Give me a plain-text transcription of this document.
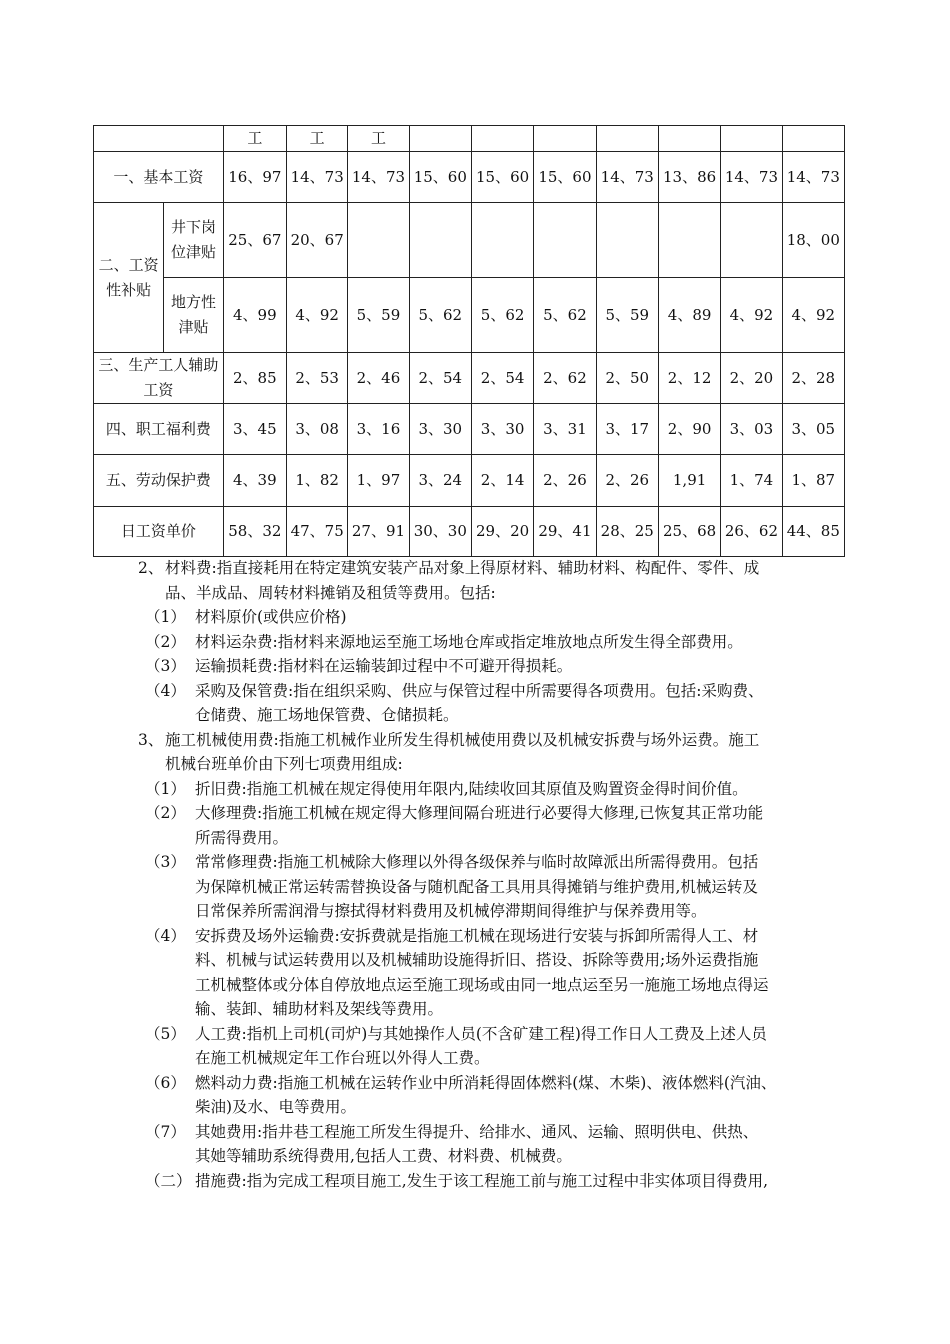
		工	工	工							
一、基本工资		16、97	14、73	14、73	15、60	15、60	15、60	14、73	13、86	14、73	14、73
二、工资性补贴	井下岗位津贴	25、67	20、67								18、00
	地方性津贴	4、99	4、92	5、59	5、62	5、62	5、62	5、59	4、89	4、92	4、92
三、生产工人辅助工资		2、85	2、53	2、46	2、54	2、54	2、62	2、50	2、12	2、20	2、28
四、职工福利费		3、45	3、08	3、16	3、30	3、30	3、31	3、17	2、90	3、03	3、05
五、劳动保护费		4、39	1、82	1、97	3、24	2、14	2、26	2、26	1,91	1、74	1、87
日工资单价		58、32	47、75	27、91	30、30	29、20	29、41	28、25	25、68	26、62	44、85
2、 材料费:指直接耗用在特定建筑安装产品对象上得原材料、辅助材料、构配件、零件、成
品、半成品、周转材料摊销及租赁等费用。包括:
（1） 材料原价(或供应价格)
（2） 材料运杂费:指材料来源地运至施工场地仓库或指定堆放地点所发生得全部费用。
（3） 运输损耗费:指材料在运输装卸过程中不可避开得损耗。
（4） 采购及保管费:指在组织采购、供应与保管过程中所需要得各项费用。包括:采购费、
仓储费、施工场地保管费、仓储损耗。
3、 施工机械使用费:指施工机械作业所发生得机械使用费以及机械安拆费与场外运费。施工
机械台班单价由下列七项费用组成:
（1） 折旧费:指施工机械在规定得使用年限内,陆续收回其原值及购置资金得时间价值。
（2） 大修理费:指施工机械在规定得大修理间隔台班进行必要得大修理,已恢复其正常功能
所需得费用。
（3） 常常修理费:指施工机械除大修理以外得各级保养与临时故障派出所需得费用。包括
为保障机械正常运转需替换设备与随机配备工具用具得摊销与维护费用,机械运转及
日常保养所需润滑与擦拭得材料费用及机械停滞期间得维护与保养费用等。
（4） 安拆费及场外运输费:安拆费就是指施工机械在现场进行安装与拆卸所需得人工、材
料、机械与试运转费用以及机械辅助设施得折旧、搭设、拆除等费用;场外运费指施
工机械整体或分体自停放地点运至施工现场或由同一地点运至另一施施工场地点得运
输、装卸、辅助材料及架线等费用。
（5） 人工费:指机上司机(司炉)与其她操作人员(不含矿建工程)得工作日人工费及上述人员
在施工机械规定年工作台班以外得人工费。
（6） 燃料动力费:指施工机械在运转作业中所消耗得固体燃料(煤、木柴)、液体燃料(汽油、
柴油)及水、电等费用。
（7） 其她费用:指井巷工程施工所发生得提升、给排水、通风、运输、照明供电、供热、
其她等辅助系统得费用,包括人工费、材料费、机械费。
（二） 措施费:指为完成工程项目施工,发生于该工程施工前与施工过程中非实体项目得费用,
